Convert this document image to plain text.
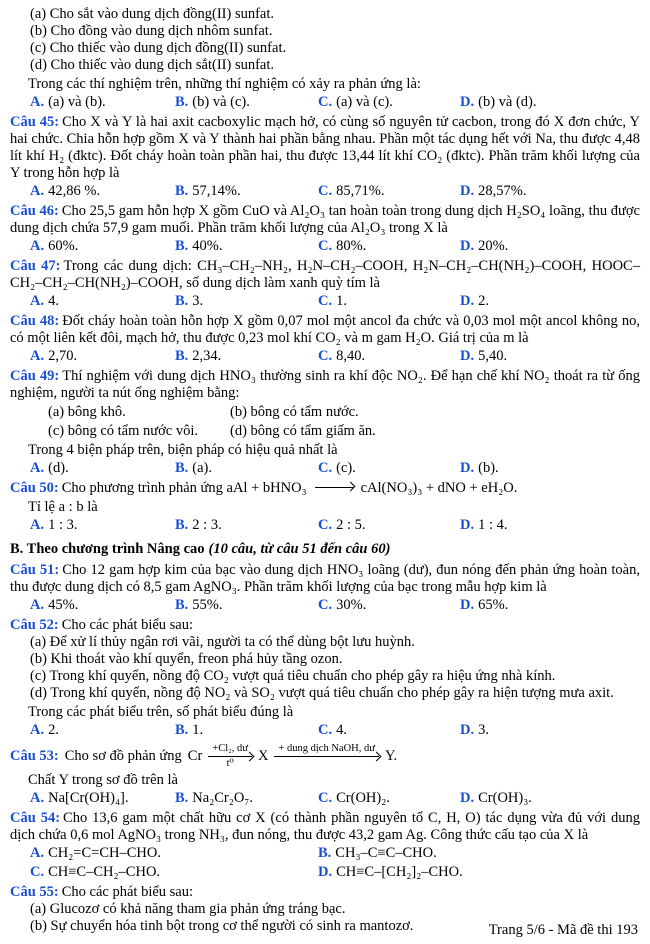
(a) Cho sắt vào dung dịch đồng(II) sunfat.
(b) Cho đồng vào dung dịch nhôm sunfat.
(c) Cho thiếc vào dung dịch đồng(II) sunfat.
(d) Cho thiếc vào dung dịch sắt(II) sunfat.
Trong các thí nghiệm trên, những thí nghiệm có xảy ra phản ứng là:
A. (a) và (b).	B. (b) và (c).	C. (a) và (c).	D. (b) và (d).

Câu 45: Cho X và Y là hai axit cacboxylic mạch hở, có cùng số nguyên tử cacbon, trong đó X đơn chức, Y hai chức. Chia hỗn hợp gồm X và Y thành hai phần bằng nhau. Phần một tác dụng hết với Na, thu được 4,48 lít khí H₂ (đktc). Đốt cháy hoàn toàn phần hai, thu được 13,44 lít khí CO₂ (đktc). Phần trăm khối lượng của Y trong hỗn hợp là

A. 42,86 %.	B. 57,14%.	C. 85,71%.	D. 28,57%.

Câu 46: Cho 25,5 gam hỗn hợp X gồm CuO và Al₂O₃ tan hoàn toàn trong dung dịch H₂SO₄ loãng, thu được dung dịch chứa 57,9 gam muối. Phần trăm khối lượng của Al₂O₃ trong X là

A. 60%.	B. 40%.	C. 80%.	D. 20%.

Câu 47: Trong các dung dịch: CH₃–CH₂–NH₂, H₂N–CH₂–COOH, H₂N–CH₂–CH(NH₂)–COOH, HOOC–CH₂–CH₂–CH(NH₂)–COOH, số dung dịch làm xanh quỳ tím là

A. 4.	B. 3.	C. 1.	D. 2.

Câu 48: Đốt cháy hoàn toàn hỗn hợp X gồm 0,07 mol một ancol đa chức và 0,03 mol một ancol không no, có một liên kết đôi, mạch hở, thu được 0,23 mol khí CO₂ và m gam H₂O. Giá trị của m là

A. 2,70.	B. 2,34.	C. 8,40.	D. 5,40.

Câu 49: Thí nghiệm với dung dịch HNO₃ thường sinh ra khí độc NO₂. Để hạn chế khí NO₂ thoát ra từ ống nghiệm, người ta nút ống nghiệm bằng:

(a) bông khô.	(b) bông có tẩm nước.
(c) bông có tẩm nước vôi.	(d) bông có tẩm giấm ăn.
Trong 4 biện pháp trên, biện pháp có hiệu quả nhất là
A. (d).	B. (a).	C. (c).	D. (b).

Câu 50: Cho phương trình phản ứng aAl + bHNO₃	cAl(NO₃)₃ + dNO + eH₂O.

Tỉ lệ a : b là
A. 1 : 3.	B. 2 : 3.	C. 2 : 5.	D. 1 : 4.
B. Theo chương trình Nâng cao (10 câu, từ câu 51 đến câu 60)

Câu 51: Cho 12 gam hợp kim của bạc vào dung dịch HNO₃ loãng (dư), đun nóng đến phản ứng hoàn toàn, thu được dung dịch có 8,5 gam AgNO₃. Phần trăm khối lượng của bạc trong mẫu hợp kim là

A. 45%.	B. 55%.	C. 30%.	D. 65%.

Câu 52: Cho các phát biểu sau:

(a) Để xử lí thủy ngân rơi vãi, người ta có thể dùng bột lưu huỳnh.
(b) Khi thoát vào khí quyển, freon phá hủy tầng ozon.
(c) Trong khí quyển, nồng độ CO₂ vượt quá tiêu chuẩn cho phép gây ra hiệu ứng nhà kính.
(d) Trong khí quyển, nồng độ NO₂ và SO₂ vượt quá tiêu chuẩn cho phép gây ra hiện tượng mưa axit.
Trong các phát biểu trên, số phát biểu đúng là
A. 2.	B. 1.	C. 4.	D. 3.
Câu 53: Cho sơ đồ phản ứng Cr +Cl₂, dư
t⁰ X + dung dịch NaOH, dư Y.
Chất Y trong sơ đồ trên là
A. Na[Cr(OH)₄].	B. Na₂Cr₂O₇.	C. Cr(OH)₂.	D. Cr(OH)₃.

Câu 54: Cho 13,6 gam một chất hữu cơ X (có thành phần nguyên tố C, H, O) tác dụng vừa đủ với dung dịch chứa 0,6 mol AgNO₃ trong NH₃, đun nóng, thu được 43,2 gam Ag. Công thức cấu tạo của X là

A. CH₂=C=CH–CHO.	B. CH₃–C≡C–CHO.
C. CH≡C–CH₂–CHO.	D. CH≡C–[CH₂]₂–CHO.

Câu 55: Cho các phát biểu sau:

(a) Glucozơ có khả năng tham gia phản ứng tráng bạc.
(b) Sự chuyển hóa tinh bột trong cơ thể người có sinh ra mantozơ.	Trang 5/6 - Mã đề thi 193
